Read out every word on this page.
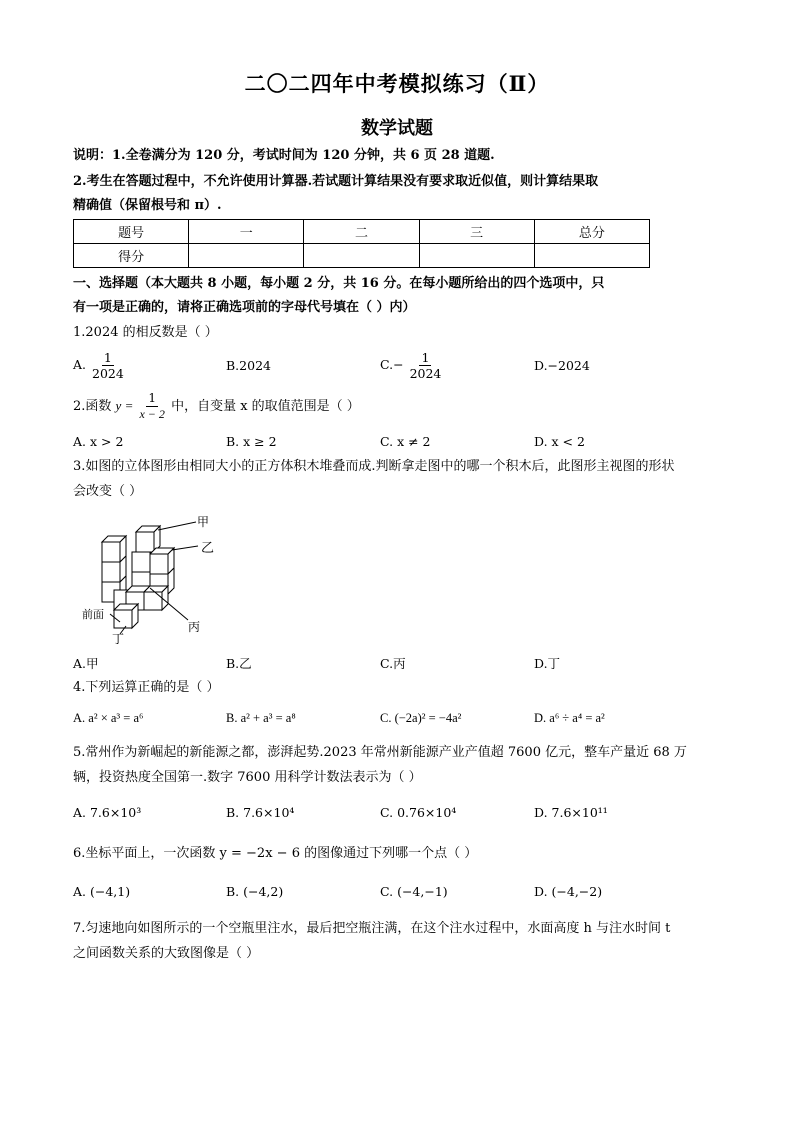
二〇二四年中考模拟练习（Ⅱ）
数学试题
说明：1.全卷满分为 120 分，考试时间为 120 分钟，共 6 页 28 道题.
2.考生在答题过程中，不允许使用计算器.若试题计算结果没有要求取近似值，则计算结果取
精确值（保留根号和 π）.
题号	一	二	三	总分
得分				
一、选择题（本大题共 8 小题，每小题 2 分，共 16 分。在每小题所给出的四个选项中，只
有一项是正确的，请将正确选项前的字母代号填在（ ）内）
1.2024 的相反数是（ ）
A. $\frac{1}{2024}$	B.2024	$C.- \frac{1}{2024}$	D.−2024
2.函数 $y = \frac{1}{x - 2}$ 中，自变量 x 的取值范围是（ ）
A. x > 2	B. x ≥ 2	C. x ≠ 2	D. x < 2
3.如图的立体图形由相同大小的正方体积木堆叠而成.判断拿走图中的哪一个积木后，此图形主视图的形状
会改变（ ）
甲
乙
丙
前面
丁
A.甲	B.乙	C.丙	D.丁
4.下列运算正确的是（ ）
A. a² × a³ = a⁶	B. a² + a³ = a⁸	C. (−2a)² = −4a²	D. a⁶ ÷ a⁴ = a²
5.常州作为新崛起的新能源之都，澎湃起势.2023 年常州新能源产业产值超 7600 亿元，整车产量近 68 万
辆，投资热度全国第一.数字 7600 用科学计数法表示为（ ）
A. 7.6×10³	B. 7.6×10⁴	C. 0.76×10⁴	D. 7.6×10¹¹
6.坐标平面上，一次函数 y = −2x − 6 的图像通过下列哪一个点（ ）
A. (−4,1)	B. (−4,2)	C. (−4,−1)	D. (−4,−2)
7.匀速地向如图所示的一个空瓶里注水，最后把空瓶注满，在这个注水过程中，水面高度 h 与注水时间 t
之间函数关系的大致图像是（ ）
